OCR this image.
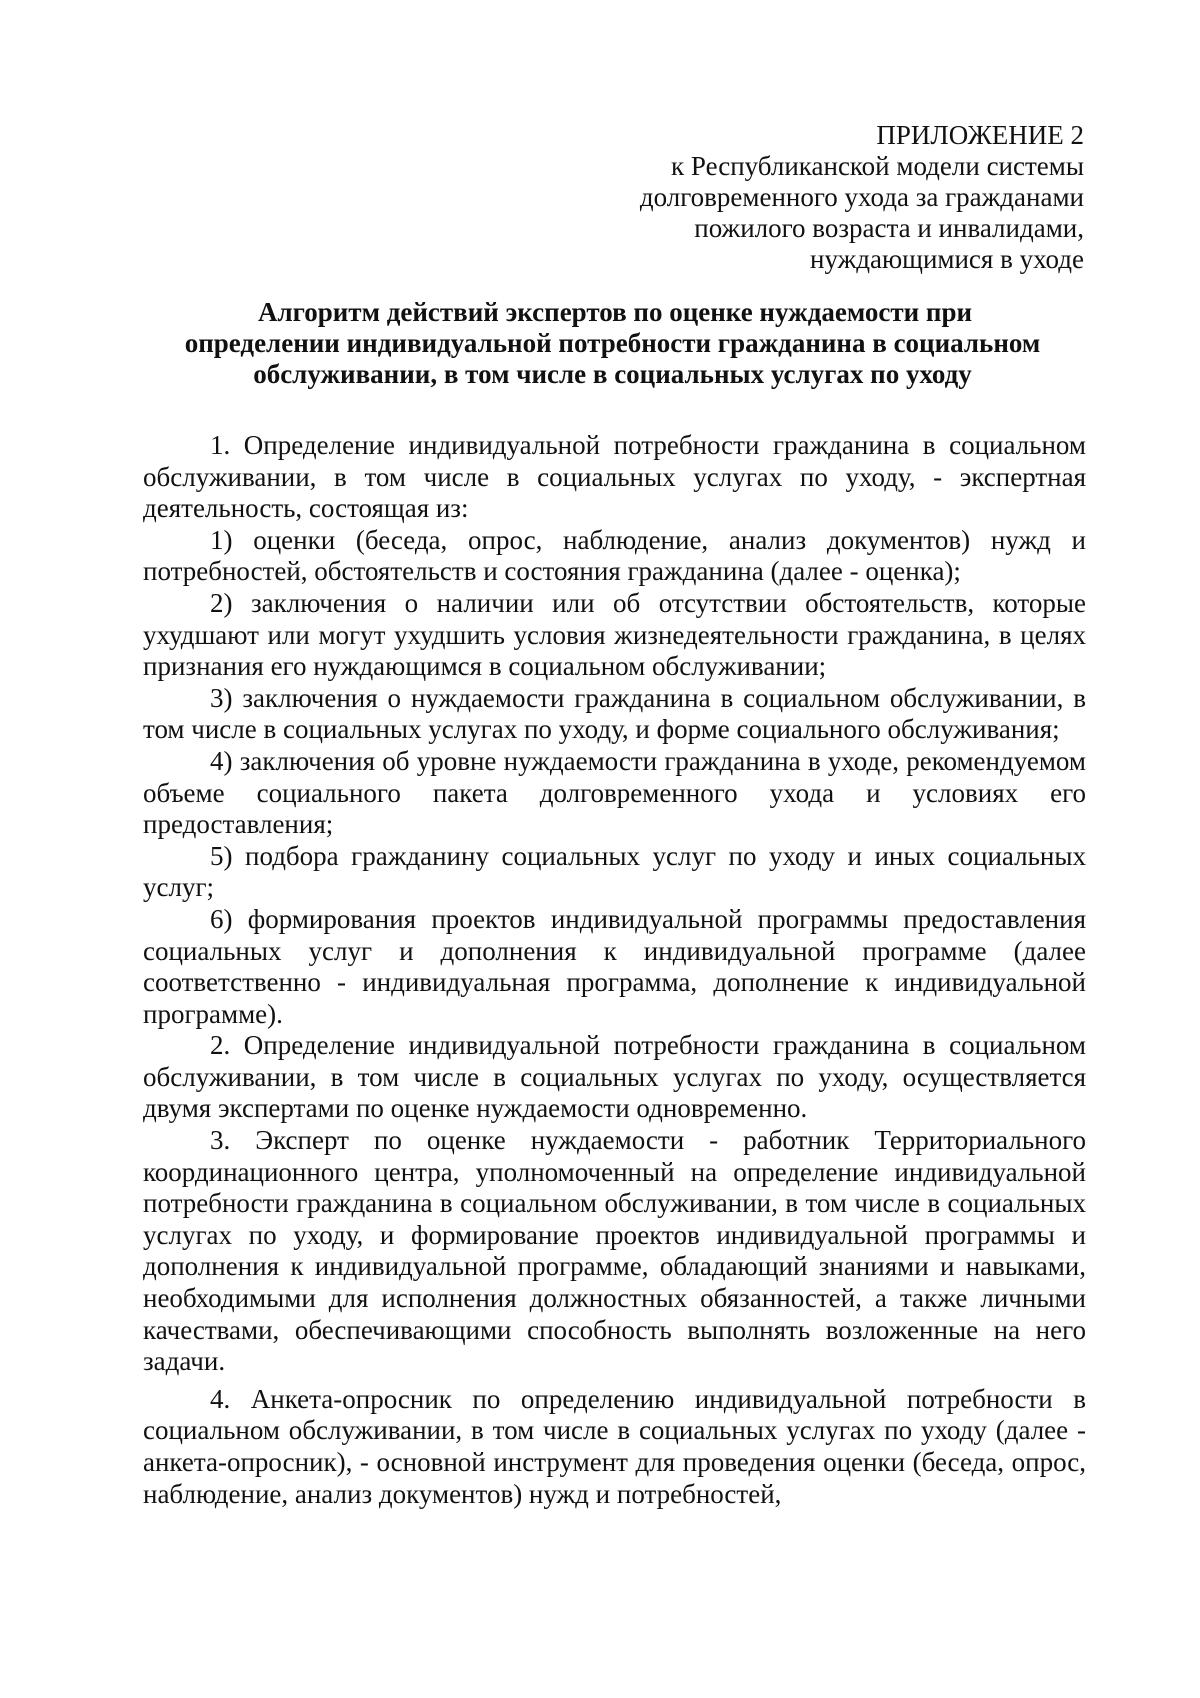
ПРИЛОЖЕНИЕ 2
к Республиканской модели системы
долговременного ухода за гражданами
пожилого возраста и инвалидами,
нуждающимися в уходе
Алгоритм действий экспертов по оценке нуждаемости при
определении индивидуальной потребности гражданина в социальном
обслуживании, в том числе в социальных услугах по уходу

1. Определение индивидуальной потребности гражданина в социальном обслуживании, в том числе в социальных услугах по уходу, - экспертная деятельность, состоящая из:

1) оценки (беседа, опрос, наблюдение, анализ документов) нужд и потребностей, обстоятельств и состояния гражданина (далее - оценка);

2) заключения о наличии или об отсутствии обстоятельств, которые ухудшают или могут ухудшить условия жизнедеятельности гражданина, в целях признания его нуждающимся в социальном обслуживании;

3) заключения о нуждаемости гражданина в социальном обслуживании, в том числе в социальных услугах по уходу, и форме социального обслуживания;

4) заключения об уровне нуждаемости гражданина в уходе, рекомендуемом объеме социального пакета долговременного ухода и условиях его предоставления;

5) подбора гражданину социальных услуг по уходу и иных социальных услуг;

6) формирования проектов индивидуальной программы предоставления социальных услуг и дополнения к индивидуальной программе (далее соответственно - индивидуальная программа, дополнение к индивидуальной программе).

2. Определение индивидуальной потребности гражданина в социальном обслуживании, в том числе в социальных услугах по уходу, осуществляется двумя экспертами по оценке нуждаемости одновременно.

3. Эксперт по оценке нуждаемости - работник Территориального координационного центра, уполномоченный на определение индивидуальной потребности гражданина в социальном обслуживании, в том числе в социальных услугах по уходу, и формирование проектов индивидуальной программы и дополнения к индивидуальной программе, обладающий знаниями и навыками, необходимыми для исполнения должностных обязанностей, а также личными качествами, обеспечивающими способность выполнять возложенные на него задачи.

4. Анкета-опросник по определению индивидуальной потребности в социальном обслуживании, в том числе в социальных услугах по уходу (далее - анкета-опросник), - основной инструмент для проведения оценки (беседа, опрос, наблюдение, анализ документов) нужд и потребностей,
